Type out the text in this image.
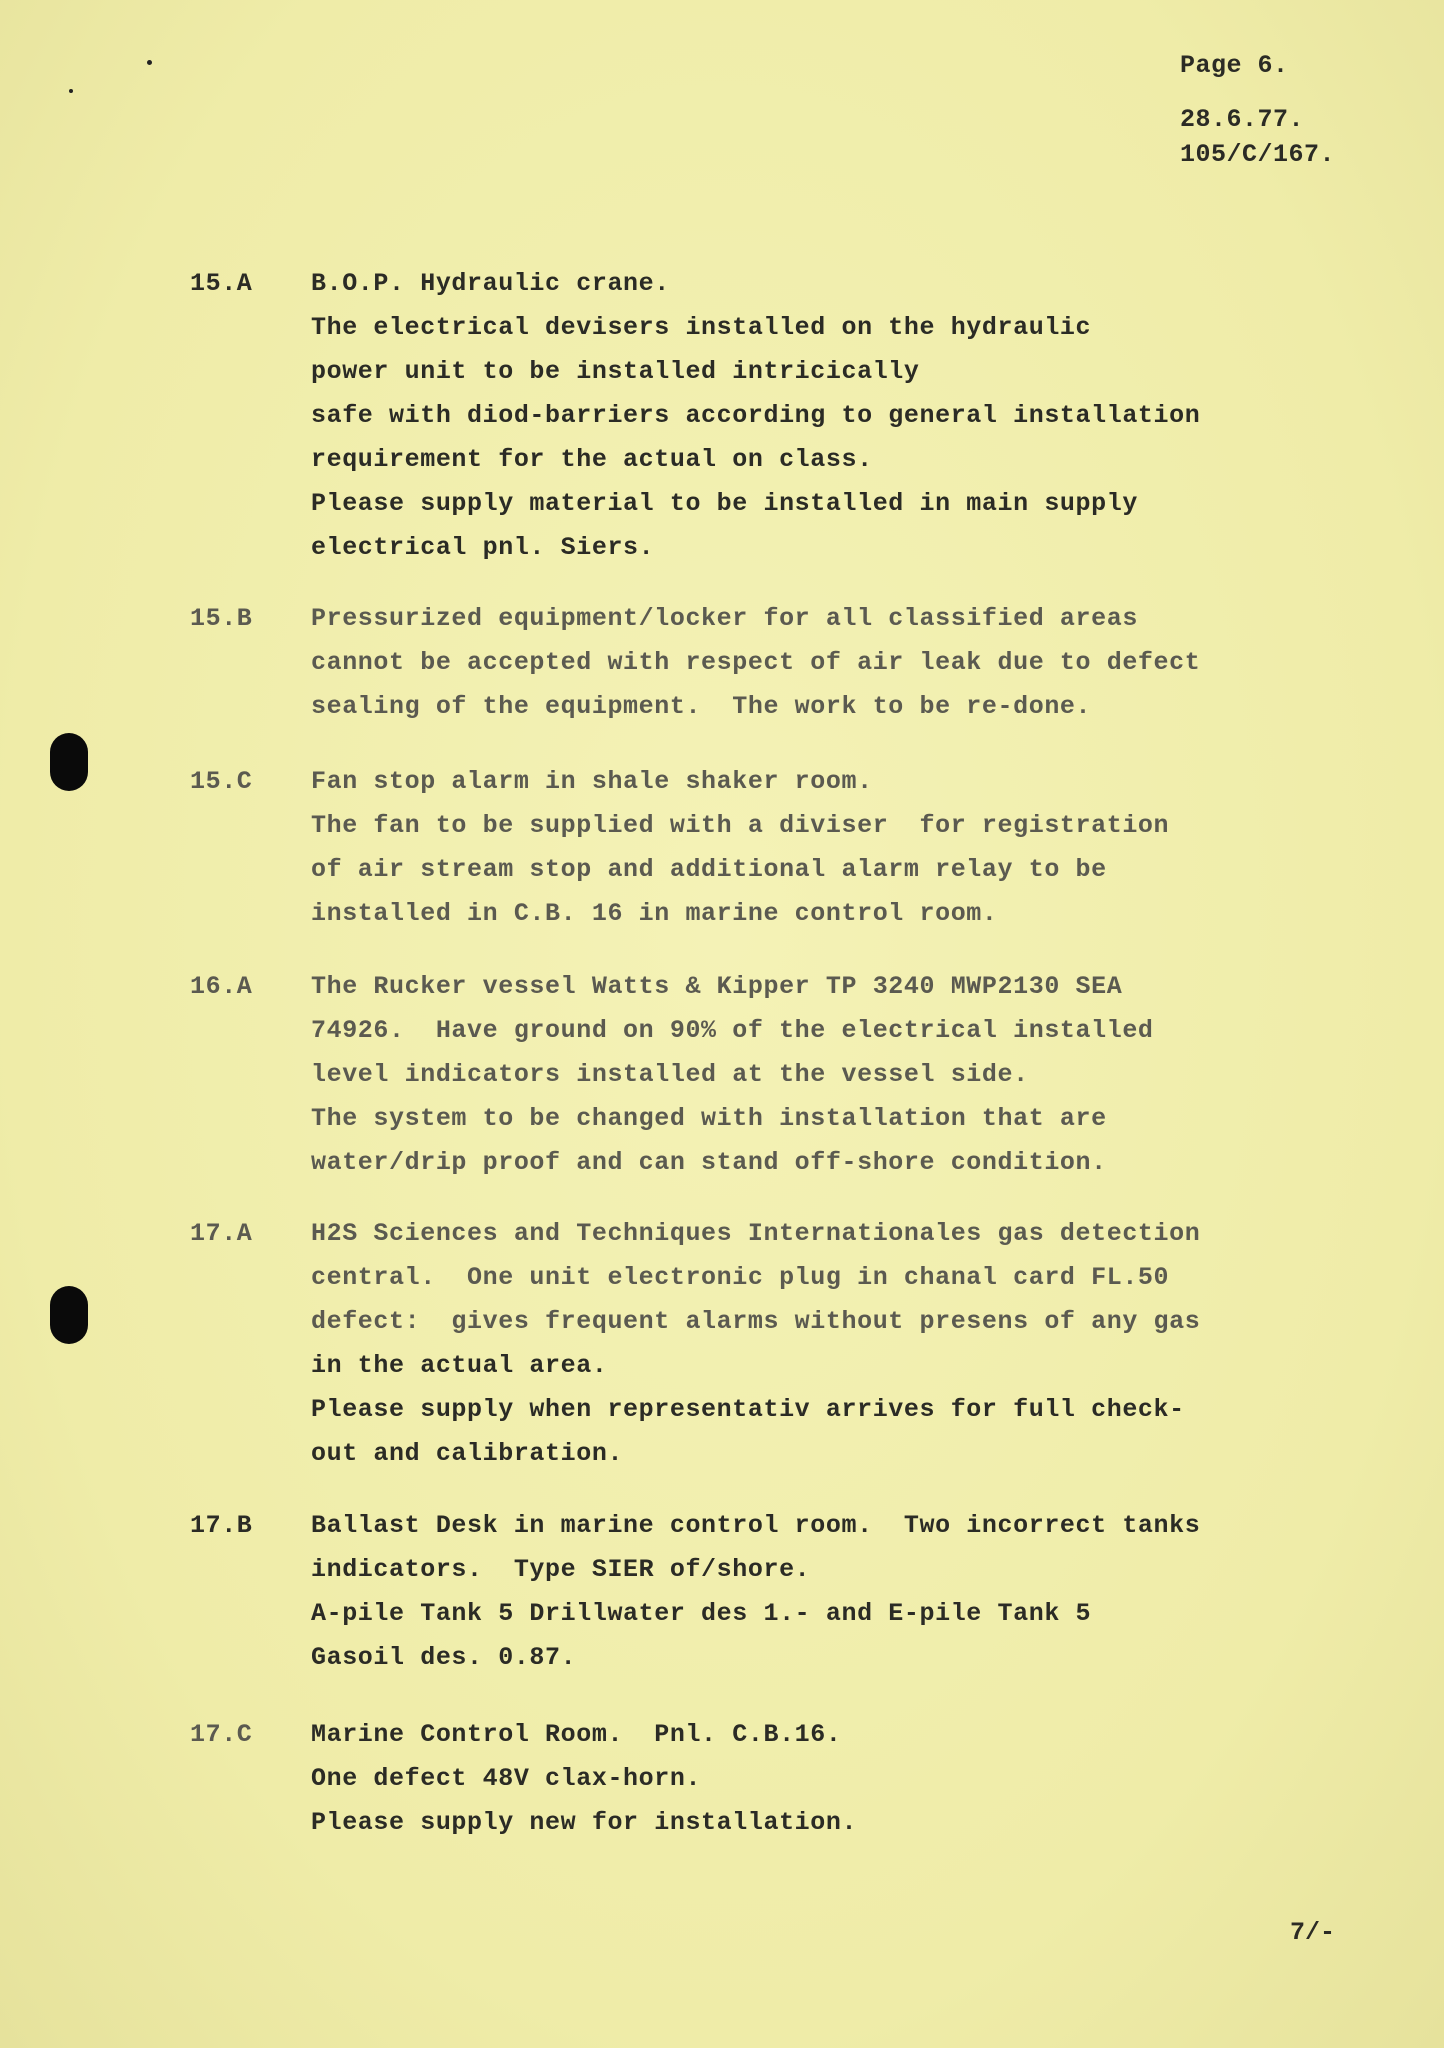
Page 6.
28.6.77.
105/C/167.
15.A B.O.P. Hydraulic crane.
The electrical devisers installed on the hydraulic
power unit to be installed intricically
safe with diod-barriers according to general installation
requirement for the actual on class.
Please supply material to be installed in main supply
electrical pnl. Siers.
15.B Pressurized equipment/locker for all classified areas
cannot be accepted with respect of air leak due to defect
sealing of the equipment.  The work to be re-done.
15.C Fan stop alarm in shale shaker room.
The fan to be supplied with a diviser  for registration
of air stream stop and additional alarm relay to be
installed in C.B. 16 in marine control room.
16.A The Rucker vessel Watts & Kipper TP 3240 MWP2130 SEA
74926.  Have ground on 90% of the electrical installed
level indicators installed at the vessel side.
The system to be changed with installation that are
water/drip proof and can stand off-shore condition.
17.A H2S Sciences and Techniques Internationales gas detection
central.  One unit electronic plug in chanal card FL.50
defect:  gives frequent alarms without presens of any gas
in the actual area.
Please supply when representativ arrives for full check-
out and calibration.
17.B Ballast Desk in marine control room.  Two incorrect tanks
indicators.  Type SIER of/shore.
A-pile Tank 5 Drillwater des 1.- and E-pile Tank 5
Gasoil des. 0.87.
17.C Marine Control Room.  Pnl. C.B.16.
One defect 48V clax-horn.
Please supply new for installation.
7/-
